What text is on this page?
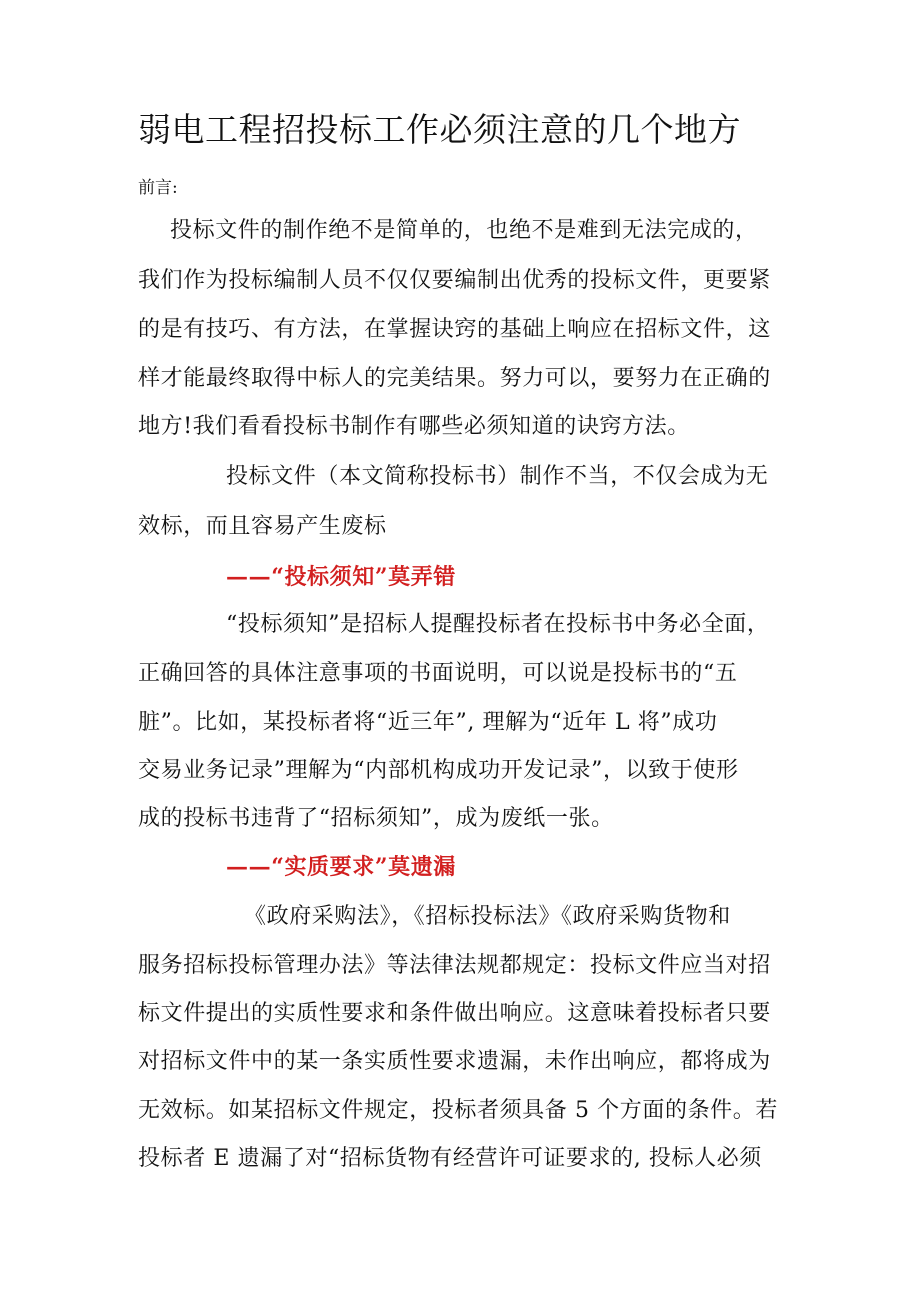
弱电工程招投标工作必须注意的几个地方
前言:
投标文件的制作绝不是简单的，也绝不是难到无法完成的，
我们作为投标编制人员不仅仅要编制出优秀的投标文件，更要紧
的是有技巧、有方法，在掌握诀窍的基础上响应在招标文件，这
样才能最终取得中标人的完美结果。努力可以，要努力在正确的
地方!我们看看投标书制作有哪些必须知道的诀窍方法。
投标文件（本文简称投标书）制作不当，不仅会成为无
效标，而且容易产生废标
——“投标须知”莫弄错
“投标须知”是招标人提醒投标者在投标书中务必全面，
正确回答的具体注意事项的书面说明，可以说是投标书的“五
脏”。比如，某投标者将“近三年”, 理解为“近年 L 将”成功
交易业务记录”理解为“内部机构成功开发记录”，以致于使形
成的投标书违背了“招标须知”，成为废纸一张。
——“实质要求”莫遗漏
《政府采购法》，《招标投标法》《政府采购货物和
服务招标投标管理办法》等法律法规都规定：投标文件应当对招
标文件提出的实质性要求和条件做出响应。这意味着投标者只要
对招标文件中的某一条实质性要求遗漏，未作出响应，都将成为
无效标。如某招标文件规定，投标者须具备 5 个方面的条件。若
投标者 E 遗漏了对“招标货物有经营许可证要求的, 投标人必须
